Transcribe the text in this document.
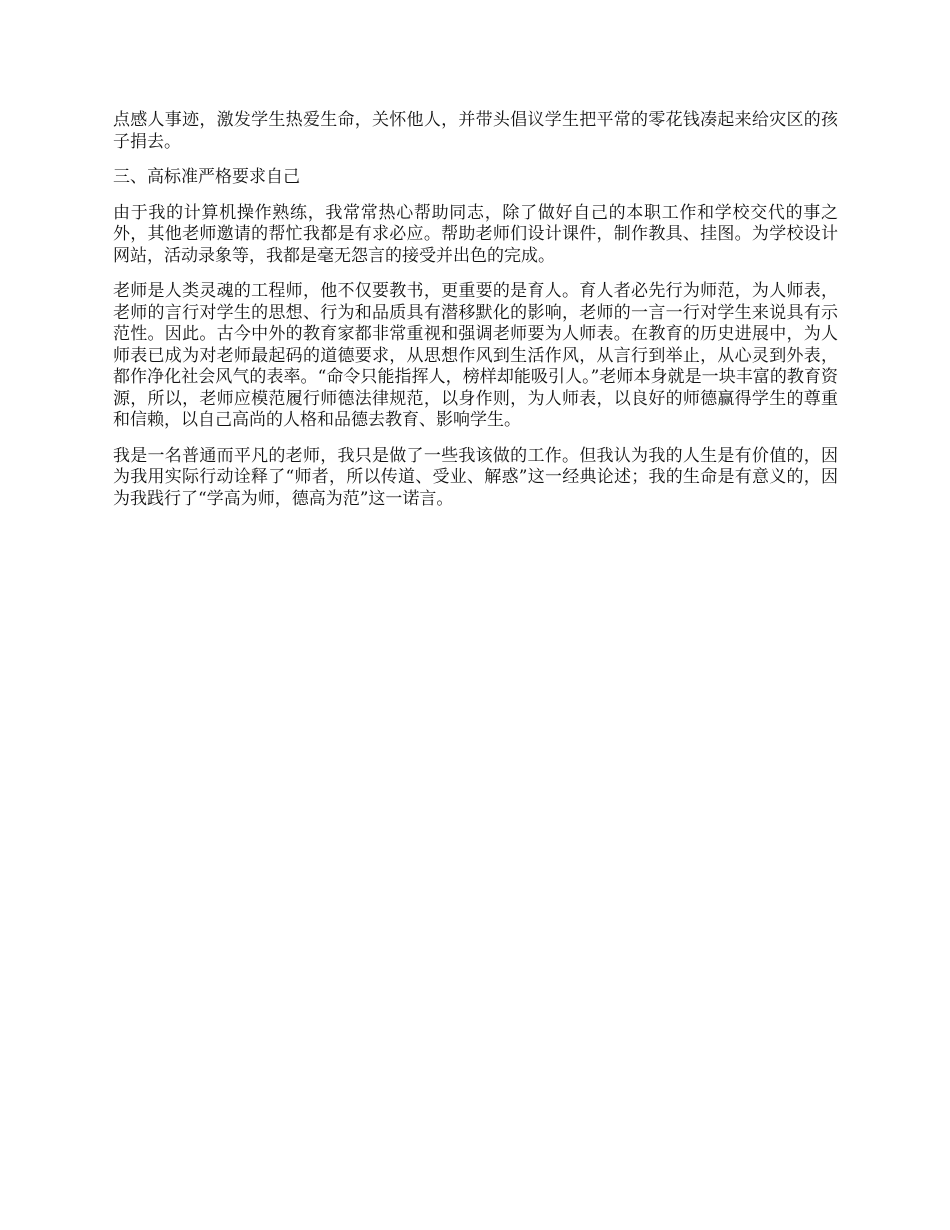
点感人事迹，激发学生热爱生命，关怀他人，并带头倡议学生把平常的零花钱凑起来给灾区的孩子捐去。

三、高标准严格要求自己

由于我的计算机操作熟练，我常常热心帮助同志，除了做好自己的本职工作和学校交代的事之外，其他老师邀请的帮忙我都是有求必应。帮助老师们设计课件，制作教具、挂图。为学校设计网站，活动录象等，我都是毫无怨言的接受并出色的完成。

老师是人类灵魂的工程师，他不仅要教书，更重要的是育人。育人者必先行为师范，为人师表，老师的言行对学生的思想、行为和品质具有潜移默化的影响，老师的一言一行对学生来说具有示范性。因此。古今中外的教育家都非常重视和强调老师要为人师表。在教育的历史进展中，为人师表已成为对老师最起码的道德要求，从思想作风到生活作风，从言行到举止，从心灵到外表，都作净化社会风气的表率。“命令只能指挥人，榜样却能吸引人。”老师本身就是一块丰富的教育资源，所以，老师应模范履行师德法律规范，以身作则，为人师表，以良好的师德赢得学生的尊重和信赖，以自己高尚的人格和品德去教育、影响学生。

我是一名普通而平凡的老师，我只是做了一些我该做的工作。但我认为我的人生是有价值的，因为我用实际行动诠释了“师者，所以传道、受业、解惑”这一经典论述；我的生命是有意义的，因为我践行了“学高为师，德高为范”这一诺言。
